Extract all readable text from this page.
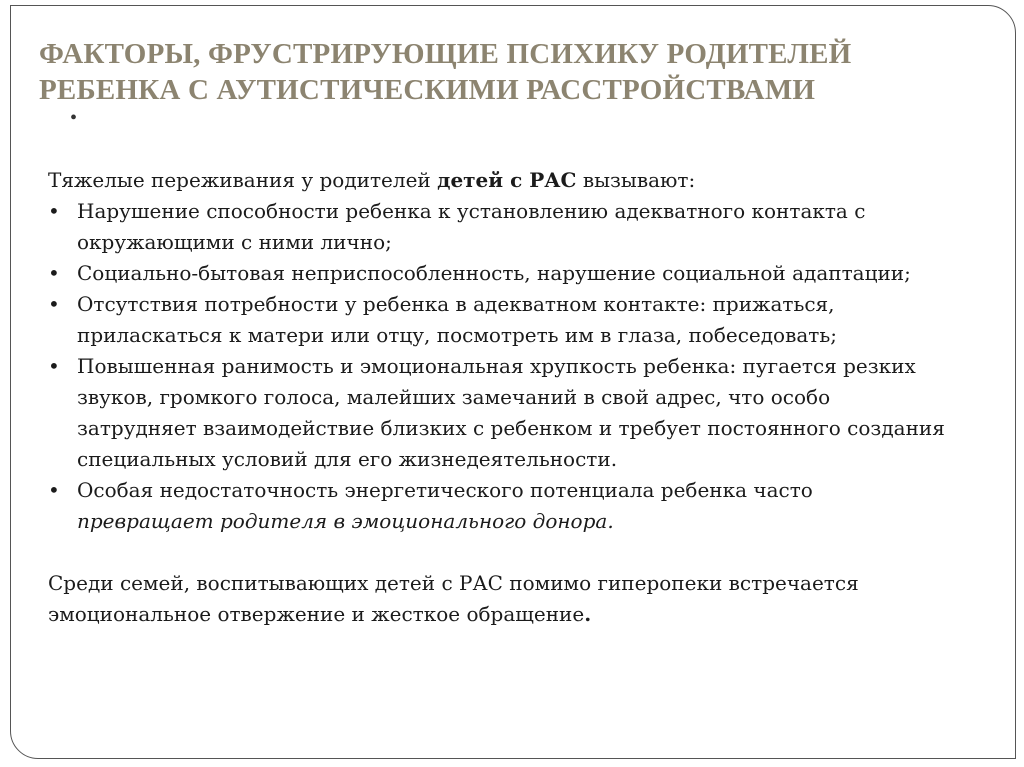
ФАКТОРЫ, ФРУСТРИРУЮЩИЕ ПСИХИКУ РОДИТЕЛЕЙ РЕБЕНКА С АУТИСТИЧЕСКИМИ РАССТРОЙСТВАМИ
•

Тяжелые переживания у родителей детей с РАС вызывают:

• Нарушение способности ребенка к установлению адекватного контакта с окружающими с ними лично;
• Социально-бытовая неприспособленность, нарушение социальной адаптации;
• Отсутствия потребности у ребенка в адекватном контакте: прижаться, приласкаться к матери или отцу, посмотреть им в глаза, побеседовать;
• Повышенная ранимость и эмоциональная хрупкость ребенка: пугается резких звуков, громкого голоса, малейших замечаний в свой адрес, что особо затрудняет взаимодействие близких с ребенком и требует постоянного создания специальных условий для его жизнедеятельности.
• Особая недостаточность энергетического потенциала ребенка часто превращает родителя в эмоционального донора.

Среди семей, воспитывающих детей с РАС помимо гиперопеки встречается эмоциональное отвержение и жесткое обращение.
